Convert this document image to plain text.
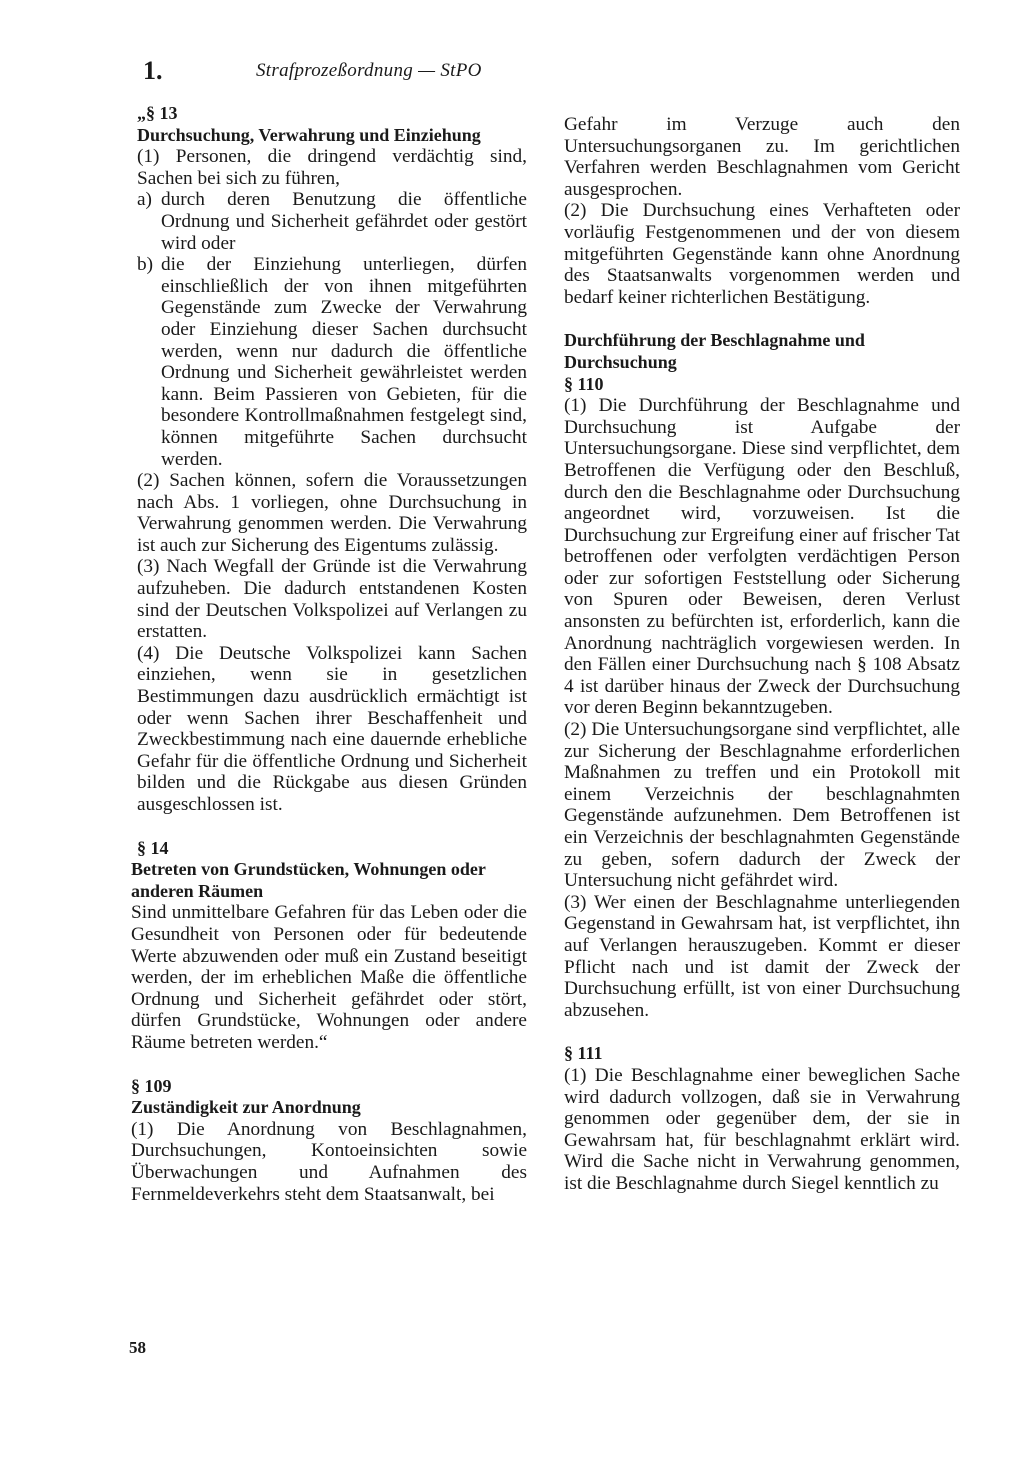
1.	Strafprozeßordnung — StPO

„§ 13

Durchsuchung, Verwahrung und Einziehung

(1) Personen, die dringend verdächtig sind, Sachen bei sich zu führen,

a) durch deren Benutzung die öffentliche Ordnung und Sicherheit gefährdet oder gestört wird oder
b) die der Einziehung unterliegen, dürfen einschließlich der von ihnen mitgeführten Gegenstände zum Zwecke der Verwahrung oder Einziehung dieser Sachen durchsucht werden, wenn nur dadurch die öffentliche Ordnung und Sicherheit gewährleistet werden kann. Beim Passieren von Gebieten, für die besondere Kontrollmaßnahmen festgelegt sind, können mitgeführte Sachen durchsucht werden.

(2) Sachen können, sofern die Voraussetzungen nach Abs. 1 vorliegen, ohne Durchsuchung in Verwahrung genommen werden. Die Verwahrung ist auch zur Sicherung des Eigentums zulässig.

(3) Nach Wegfall der Gründe ist die Verwahrung aufzuheben. Die dadurch entstandenen Kosten sind der Deutschen Volkspolizei auf Verlangen zu erstatten.

(4) Die Deutsche Volkspolizei kann Sachen einziehen, wenn sie in gesetzlichen Bestimmungen dazu ausdrücklich ermächtigt ist oder wenn Sachen ihrer Beschaffenheit und Zweckbestimmung nach eine dauernde erhebliche Gefahr für die öffentliche Ordnung und Sicherheit bilden und die Rückgabe aus diesen Gründen ausgeschlossen ist.

§ 14

Betreten von Grundstücken, Wohnungen oder anderen Räumen

Sind unmittelbare Gefahren für das Leben oder die Gesundheit von Personen oder für bedeutende Werte abzuwenden oder muß ein Zustand beseitigt werden, der im erheblichen Maße die öffentliche Ordnung und Sicherheit gefährdet oder stört, dürfen Grundstücke, Wohnungen oder andere Räume betreten werden.“

§ 109

Zuständigkeit zur Anordnung

(1) Die Anordnung von Beschlagnahmen, Durchsuchungen, Kontoeinsichten sowie Überwachungen und Aufnahmen des Fernmeldeverkehrs steht dem Staatsanwalt, bei

Gefahr im Verzuge auch den Untersuchungsorganen zu. Im gerichtlichen Verfahren werden Beschlagnahmen vom Gericht ausgesprochen.

(2) Die Durchsuchung eines Verhafteten oder vorläufig Festgenommenen und der von diesem mitgeführten Gegenstände kann ohne Anordnung des Staatsanwalts vorgenommen werden und bedarf keiner richterlichen Bestätigung.

Durchführung der Beschlagnahme und Durchsuchung

§ 110

(1) Die Durchführung der Beschlagnahme und Durchsuchung ist Aufgabe der Untersuchungsorgane. Diese sind verpflichtet, dem Betroffenen die Verfügung oder den Beschluß, durch den die Beschlagnahme oder Durchsuchung angeordnet wird, vorzuweisen. Ist die Durchsuchung zur Ergreifung einer auf frischer Tat betroffenen oder verfolgten verdächtigen Person oder zur sofortigen Feststellung oder Sicherung von Spuren oder Beweisen, deren Verlust ansonsten zu befürchten ist, erforderlich, kann die Anordnung nachträglich vorgewiesen werden. In den Fällen einer Durchsuchung nach § 108 Absatz 4 ist darüber hinaus der Zweck der Durchsuchung vor deren Beginn bekanntzugeben.

(2) Die Untersuchungsorgane sind verpflichtet, alle zur Sicherung der Beschlagnahme erforderlichen Maßnahmen zu treffen und ein Protokoll mit einem Verzeichnis der beschlagnahmten Gegenstände aufzunehmen. Dem Betroffenen ist ein Verzeichnis der beschlagnahmten Gegenstände zu geben, sofern dadurch der Zweck der Untersuchung nicht gefährdet wird.

(3) Wer einen der Beschlagnahme unterliegenden Gegenstand in Gewahrsam hat, ist verpflichtet, ihn auf Verlangen herauszugeben. Kommt er dieser Pflicht nach und ist damit der Zweck der Durchsuchung erfüllt, ist von einer Durchsuchung abzusehen.

§ 111

(1) Die Beschlagnahme einer beweglichen Sache wird dadurch vollzogen, daß sie in Verwahrung genommen oder gegenüber dem, der sie in Gewahrsam hat, für beschlagnahmt erklärt wird. Wird die Sache nicht in Verwahrung genommen, ist die Beschlagnahme durch Siegel kenntlich zu

58
